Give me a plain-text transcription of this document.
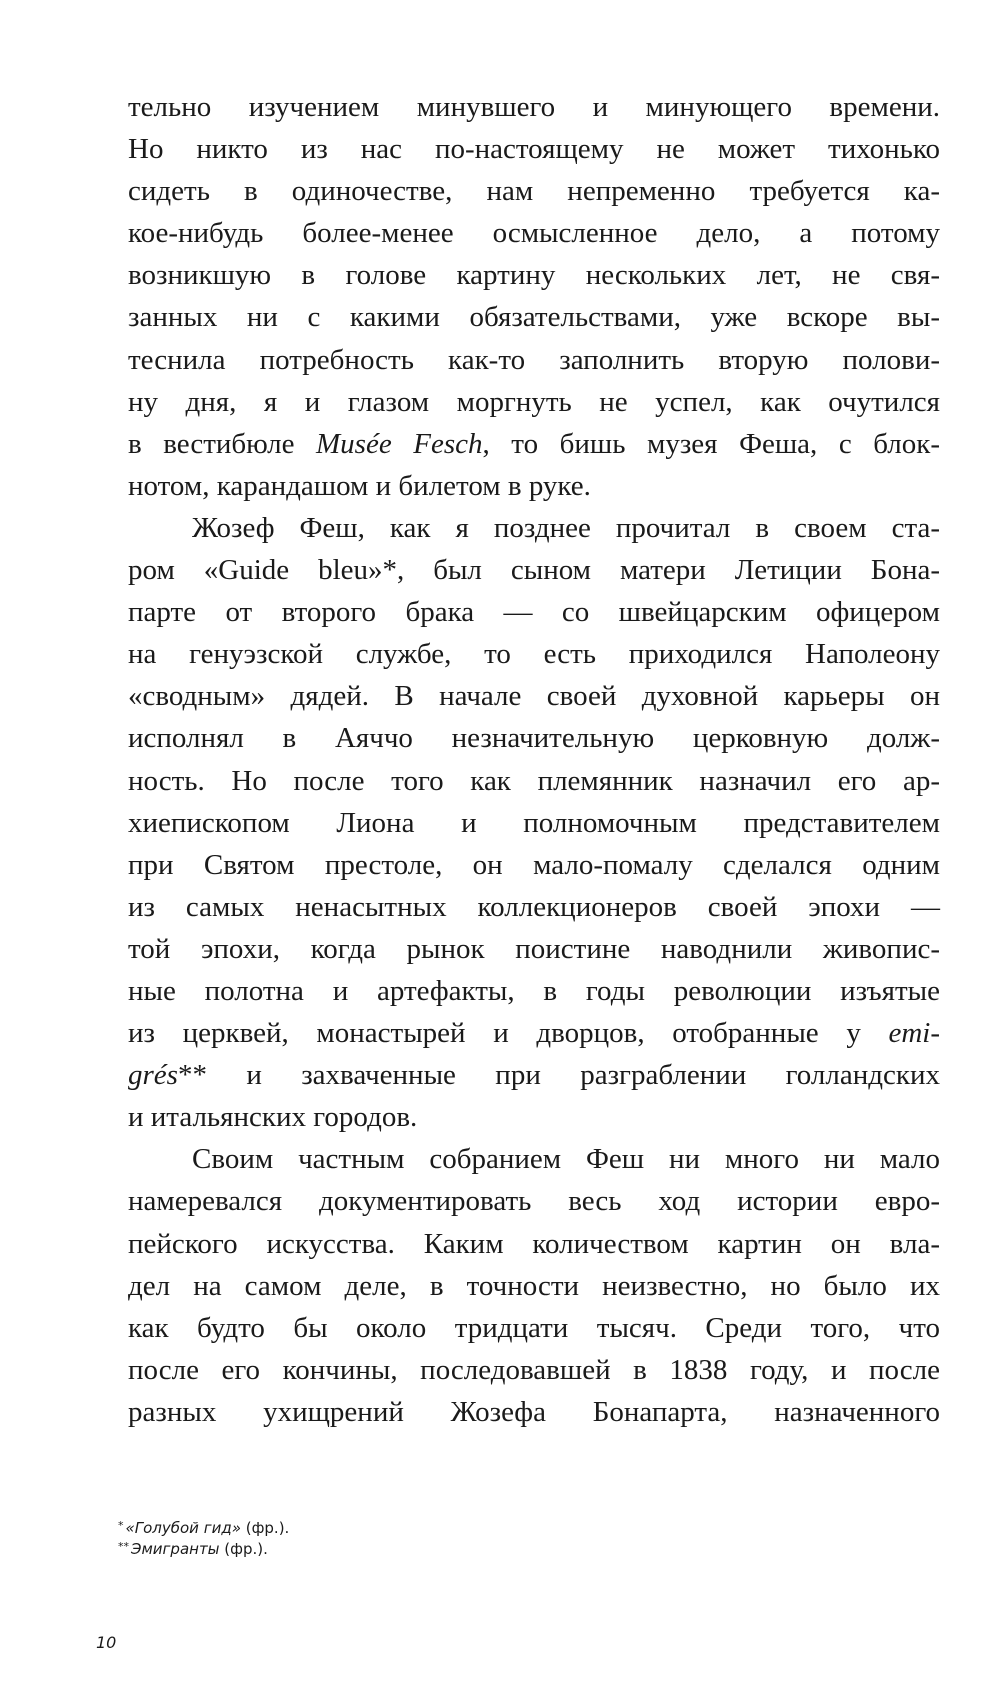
тельно изучением минувшего и минующего времени.
Но никто из нас по-настоящему не может тихонько
сидеть в одиночестве, нам непременно требуется ка-
кое-нибудь более-менее осмысленное дело, а потому
возникшую в голове картину нескольких лет, не свя-
занных ни с какими обязательствами, уже вскоре вы-
теснила потребность как-то заполнить вторую полови-
ну дня, я и глазом моргнуть не успел, как очутился
в вестибюле Musée Fesch, то бишь музея Феша, с блок-
нотом, карандашом и билетом в руке.
Жозеф Феш, как я позднее прочитал в своем ста-
ром «Guide bleu»*, был сыном матери Летиции Бона-
парте от второго брака — со швейцарским офицером
на генуэзской службе, то есть приходился Наполеону
«сводным» дядей. В начале своей духовной карьеры он
исполнял в Аяччо незначительную церковную долж-
ность. Но после того как племянник назначил его ар-
хиепископом Лиона и полномочным представителем
при Святом престоле, он мало-помалу сделался одним
из самых ненасытных коллекционеров своей эпохи —
той эпохи, когда рынок поистине наводнили живопис-
ные полотна и артефакты, в годы революции изъятые
из церквей, монастырей и дворцов, отобранные у emi-
grés** и захваченные при разграблении голландских
и итальянских городов.
Своим частным собранием Феш ни много ни мало
намеревался документировать весь ход истории евро-
пейского искусства. Каким количеством картин он вла-
дел на самом деле, в точности неизвестно, но было их
как будто бы около тридцати тысяч. Среди того, что
после его кончины, последовавшей в 1838 году, и после
разных ухищрений Жозефа Бонапарта, назначенного
* «Голубой гид» (фр.).
** Эмигранты (фр.).
10
